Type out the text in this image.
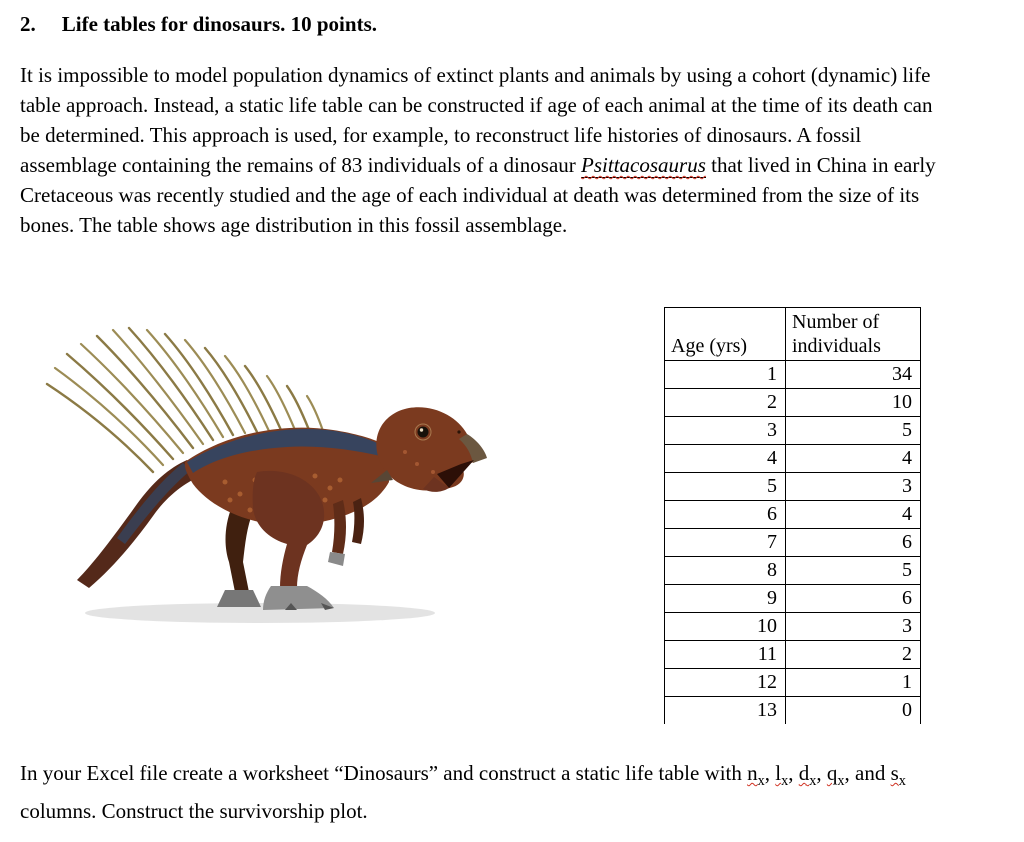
2. Life tables for dinosaurs. 10 points.

It is impossible to model population dynamics of extinct plants and animals by using a cohort (dynamic) life table approach. Instead, a static life table can be constructed if age of each animal at the time of its death can be determined. This approach is used, for example, to reconstruct life histories of dinosaurs. A fossil assemblage containing the remains of 83 individuals of a dinosaur Psittacosaurus that lived in China in early Cretaceous was recently studied and the age of each individual at death was determined from the size of its bones. The table shows age distribution in this fossil assemblage.

Age (yrs)	Number of individuals
1	34
2	10
3	5
4	4
5	3
6	4
7	6
8	5
9	6
10	3
11	2
12	1
13	0

In your Excel file create a worksheet “Dinosaurs” and construct a static life table with $n_x$, $l_x$, $d_x$, $q_x$, and $s_x$ columns. Construct the survivorship plot.
